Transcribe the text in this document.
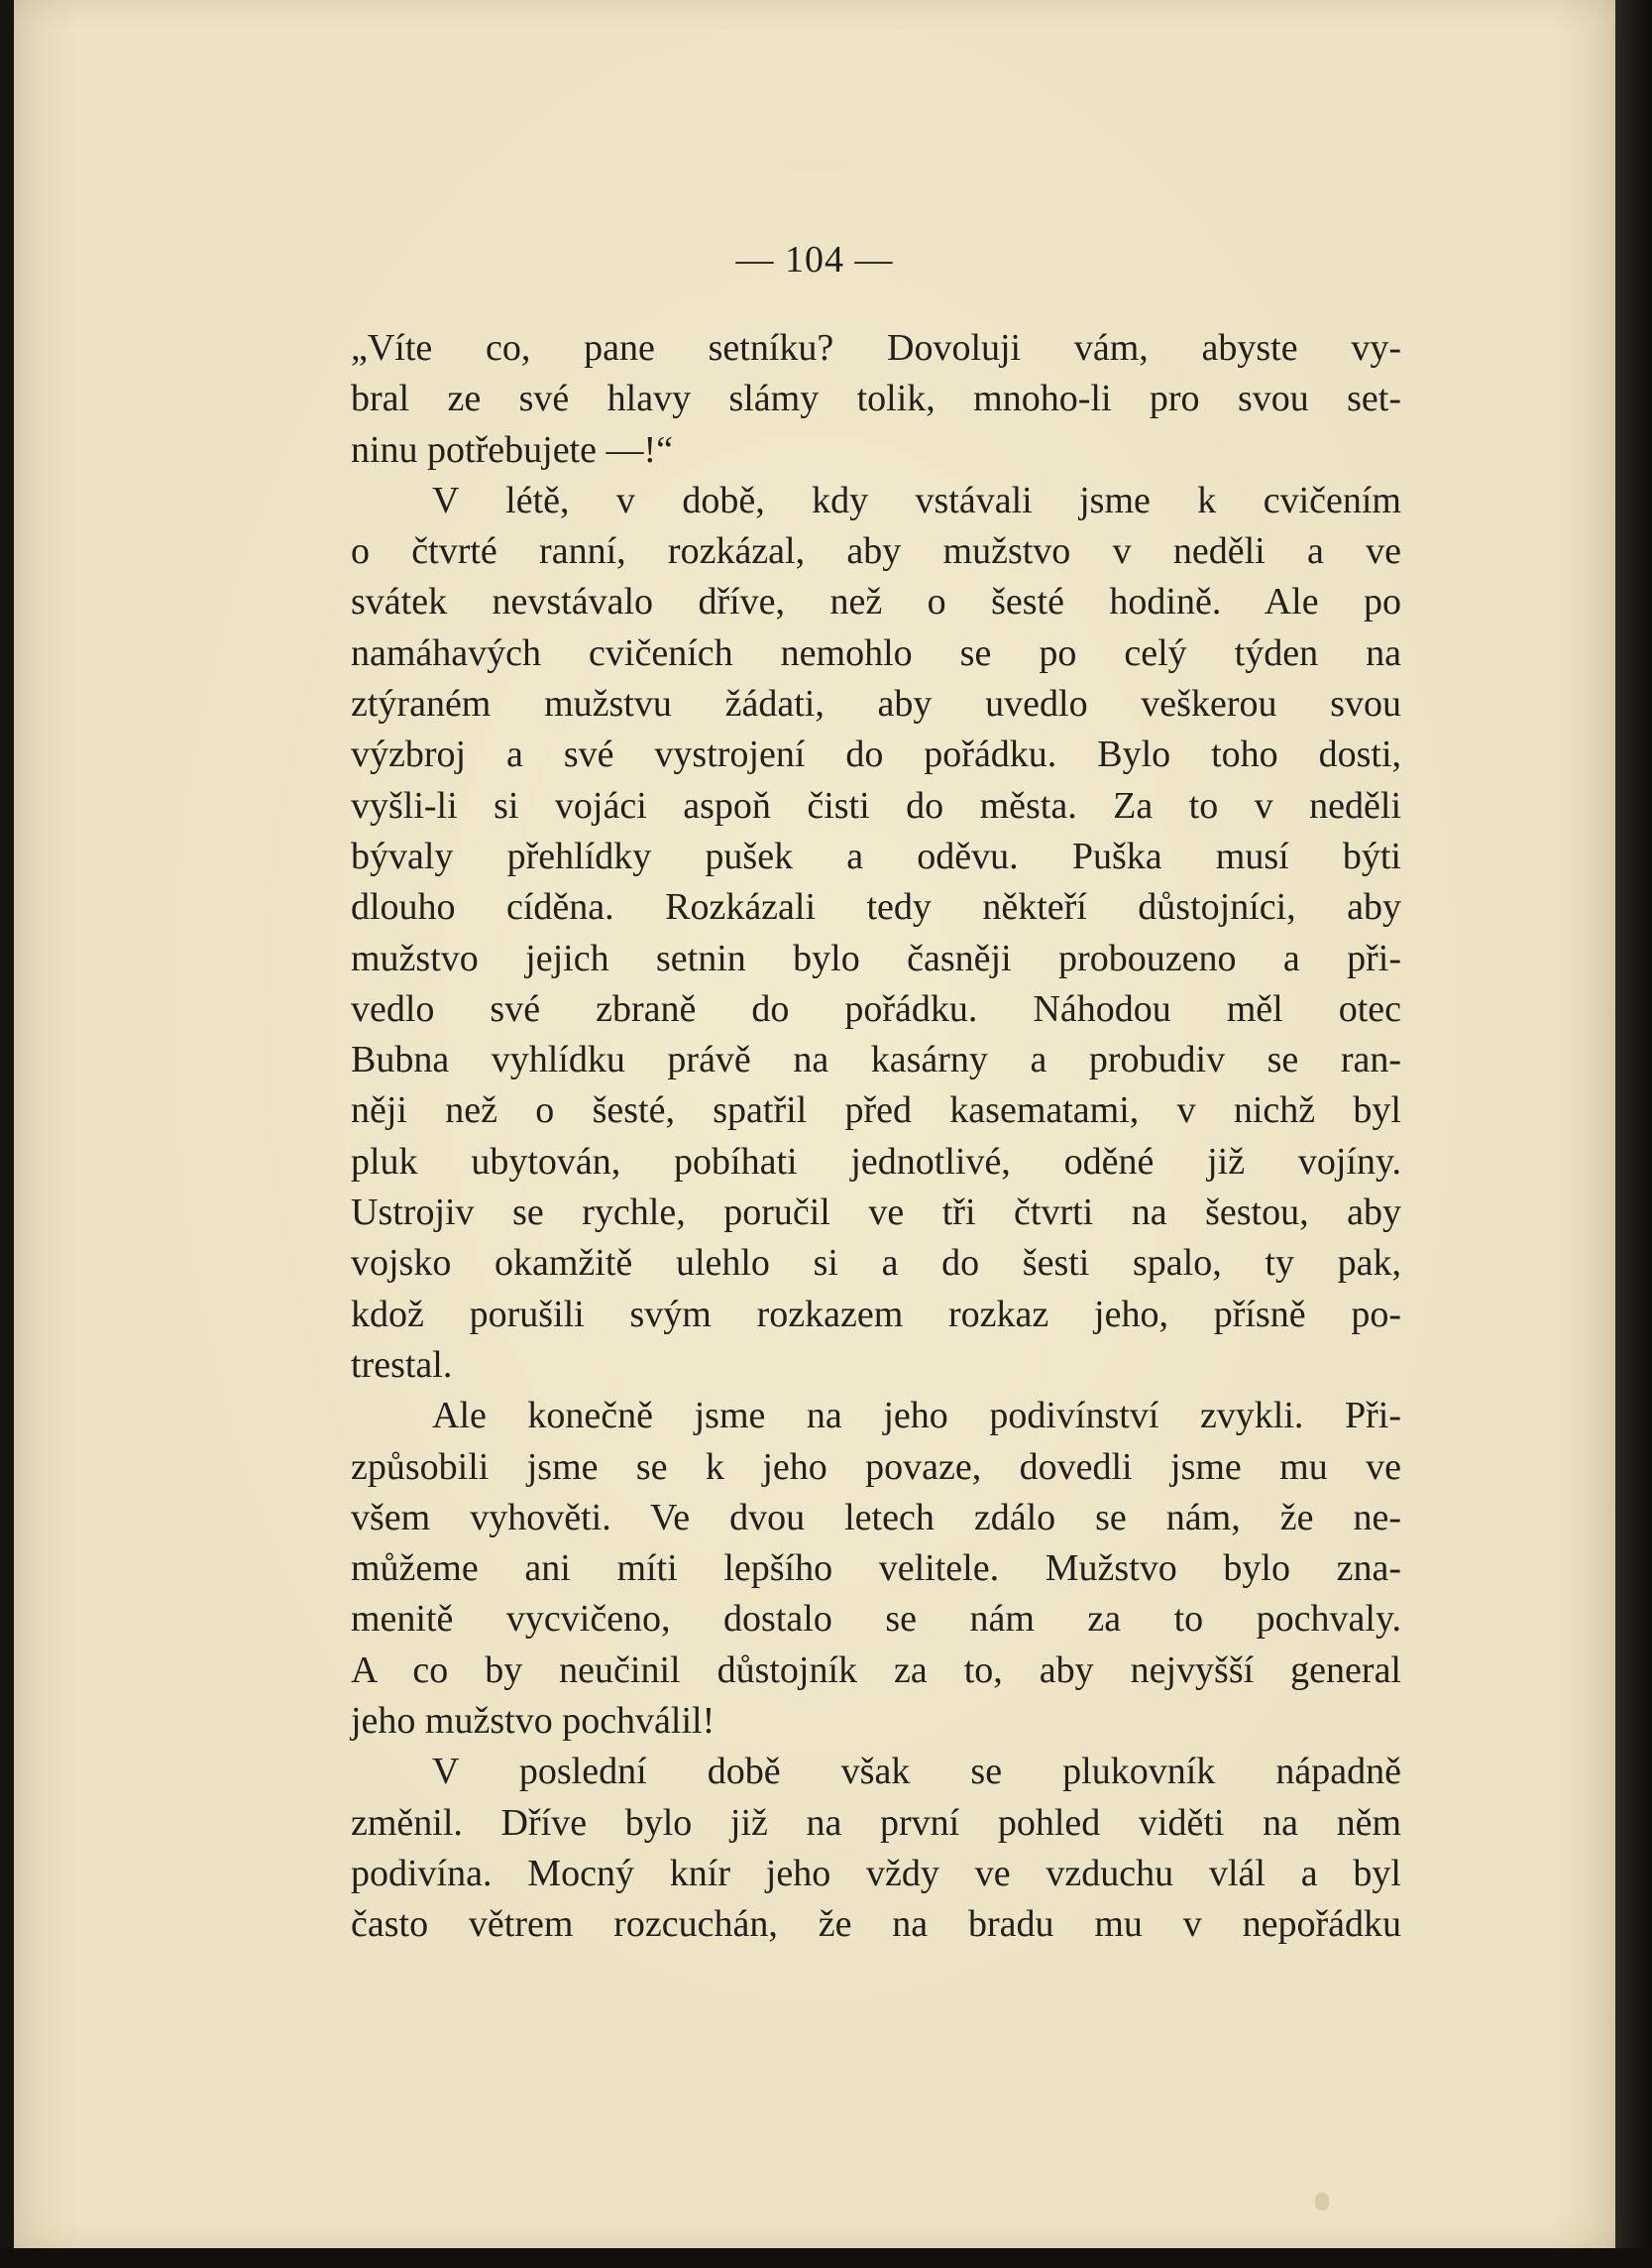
— 104 —

„Víte co, pane setníku? Dovoluji vám, abyste vy-
bral ze své hlavy slámy tolik, mnoho-li pro svou set-
ninu potřebujete —!“

V létě, v době, kdy vstávali jsme k cvičením
o čtvrté ranní, rozkázal, aby mužstvo v neděli a ve
svátek nevstávalo dříve, než o šesté hodině. Ale po
namáhavých cvičeních nemohlo se po celý týden na
ztýraném mužstvu žádati, aby uvedlo veškerou svou
výzbroj a své vystrojení do pořádku. Bylo toho dosti,
vyšli-li si vojáci aspoň čisti do města. Za to v neděli
bývaly přehlídky pušek a oděvu. Puška musí býti
dlouho cíděna. Rozkázali tedy někteří důstojníci, aby
mužstvo jejich setnin bylo časněji probouzeno a při-
vedlo své zbraně do pořádku. Náhodou měl otec
Bubna vyhlídku právě na kasárny a probudiv se ran-
něji než o šesté, spatřil před kasematami, v nichž byl
pluk ubytován, pobíhati jednotlivé, oděné již vojíny.
Ustrojiv se rychle, poručil ve tři čtvrti na šestou, aby
vojsko okamžitě ulehlo si a do šesti spalo, ty pak,
kdož porušili svým rozkazem rozkaz jeho, přísně po-
trestal.

Ale konečně jsme na jeho podivínství zvykli. Při-
způsobili jsme se k jeho povaze, dovedli jsme mu ve
všem vyhověti. Ve dvou letech zdálo se nám, že ne-
můžeme ani míti lepšího velitele. Mužstvo bylo zna-
menitě vycvičeno, dostalo se nám za to pochvaly.
A co by neučinil důstojník za to, aby nejvyšší general
jeho mužstvo pochválil!

V poslední době však se plukovník nápadně
změnil. Dříve bylo již na první pohled viděti na něm
podivína. Mocný knír jeho vždy ve vzduchu vlál a byl
často větrem rozcuchán, že na bradu mu v nepořádku
